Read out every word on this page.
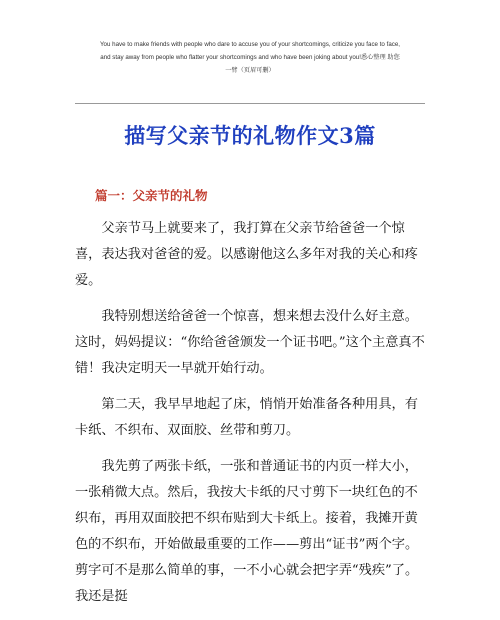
You have to make friends with people who dare to accuse you of your shortcomings, criticize you face to face,
and stay away from people who flatter your shortcomings and who have been joking about you!悉心整理 助您
一臂（页眉可删）
描写父亲节的礼物作文3篇
篇一：父亲节的礼物

父亲节马上就要来了，我打算在父亲节给爸爸一个惊喜，表达我对爸爸的爱。以感谢他这么多年对我的关心和疼爱。

我特别想送给爸爸一个惊喜，想来想去没什么好主意。这时，妈妈提议：“你给爸爸颁发一个证书吧。”这个主意真不错！我决定明天一早就开始行动。

第二天，我早早地起了床，悄悄开始准备各种用具，有卡纸、不织布、双面胶、丝带和剪刀。

我先剪了两张卡纸，一张和普通证书的内页一样大小，一张稍微大点。然后，我按大卡纸的尺寸剪下一块红色的不织布，再用双面胶把不织布贴到大卡纸上。接着，我摊开黄色的不织布，开始做最重要的工作——剪出“证书”两个字。剪字可不是那么简单的事，一不小心就会把字弄“残疾”了。我还是挺
